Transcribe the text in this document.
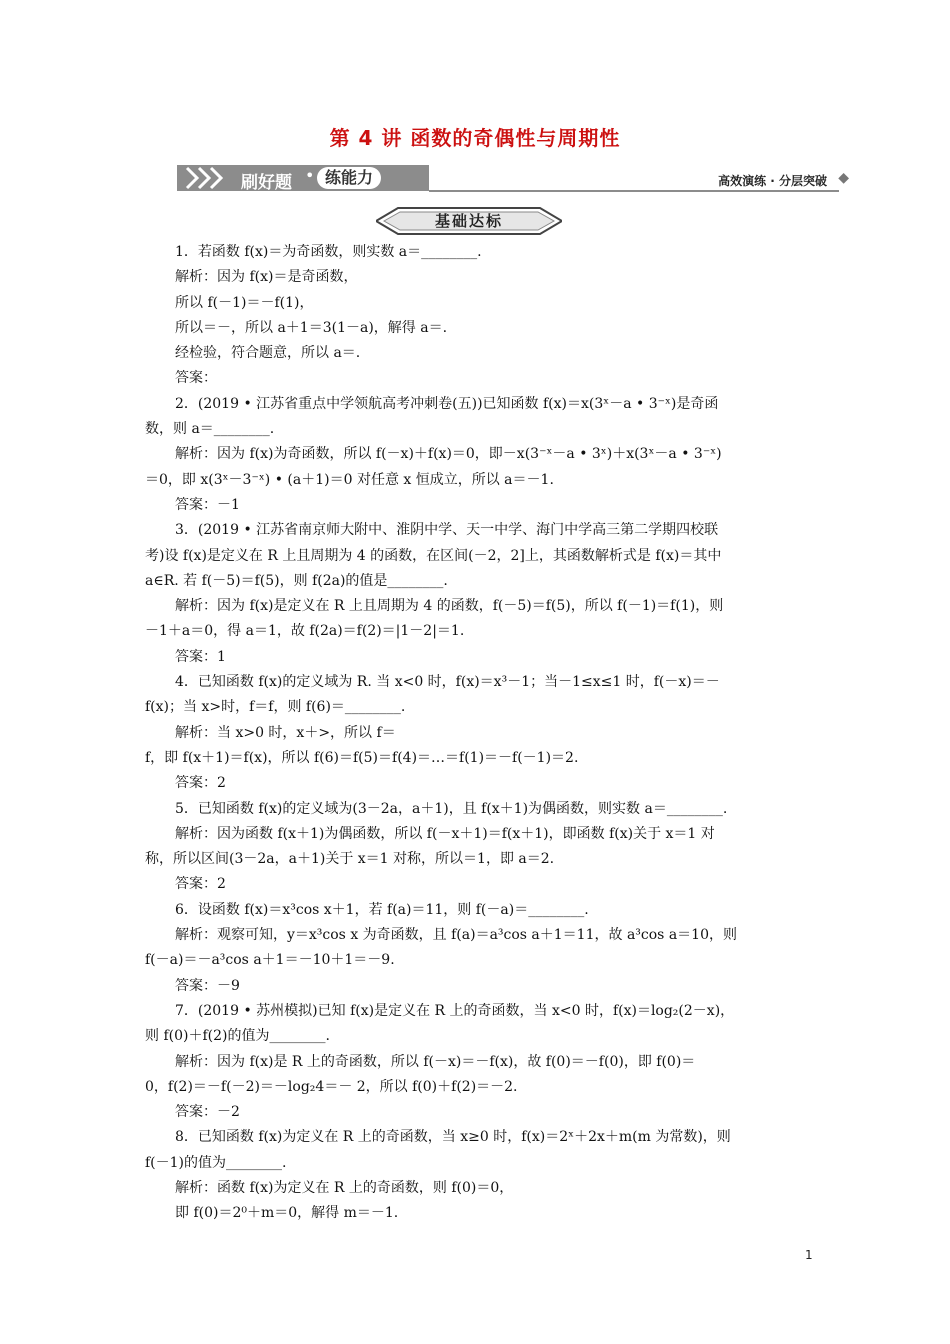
第 4 讲 函数的奇偶性与周期性
刷好题 • 练能力	高效演练 · 分层突破 ◆
基础达标
1．若函数 f(x)＝为奇函数，则实数 a＝________.
解析：因为 f(x)＝是奇函数，
所以 f(－1)＝－f(1)，
所以＝－，所以 a＋1＝3(1－a)，解得 a＝.
经检验，符合题意，所以 a＝.
答案：
2．(2019 • 江苏省重点中学领航高考冲刺卷(五))已知函数 f(x)＝x(3ˣ－a • 3⁻ˣ)是奇函
数，则 a＝________.
解析：因为 f(x)为奇函数，所以 f(－x)＋f(x)＝0，即－x(3⁻ˣ－a • 3ˣ)＋x(3ˣ－a • 3⁻ˣ)
＝0，即 x(3ˣ－3⁻ˣ) • (a＋1)＝0 对任意 x 恒成立，所以 a＝－1.
答案：－1
3．(2019 • 江苏省南京师大附中、淮阴中学、天一中学、海门中学高三第二学期四校联
考)设 f(x)是定义在 R 上且周期为 4 的函数，在区间(－2，2]上，其函数解析式是 f(x)＝其中
a∈R. 若 f(－5)＝f(5)，则 f(2a)的值是________.
解析：因为 f(x)是定义在 R 上且周期为 4 的函数，f(－5)＝f(5)，所以 f(－1)＝f(1)，则
－1＋a＝0，得 a＝1，故 f(2a)＝f(2)＝|1－2|＝1.
答案：1
4．已知函数 f(x)的定义域为 R. 当 x<0 时，f(x)＝x³－1；当－1≤x≤1 时，f(－x)＝－
f(x)；当 x>时，f＝f，则 f(6)＝________.
解析：当 x>0 时，x＋>，所以 f＝
f，即 f(x＋1)＝f(x)，所以 f(6)＝f(5)＝f(4)＝…＝f(1)＝－f(－1)＝2.
答案：2
5．已知函数 f(x)的定义域为(3－2a，a＋1)，且 f(x＋1)为偶函数，则实数 a＝________.
解析：因为函数 f(x＋1)为偶函数，所以 f(－x＋1)＝f(x＋1)，即函数 f(x)关于 x＝1 对
称，所以区间(3－2a，a＋1)关于 x＝1 对称，所以＝1，即 a＝2.
答案：2
6．设函数 f(x)＝x³cos x＋1，若 f(a)＝11，则 f(－a)＝________.
解析：观察可知，y＝x³cos x 为奇函数，且 f(a)＝a³cos a＋1＝11，故 a³cos a＝10，则
f(－a)＝－a³cos a＋1＝－10＋1＝－9.
答案：－9
7．(2019 • 苏州模拟)已知 f(x)是定义在 R 上的奇函数，当 x<0 时，f(x)＝log₂(2－x)，
则 f(0)＋f(2)的值为________.
解析：因为 f(x)是 R 上的奇函数，所以 f(－x)＝－f(x)，故 f(0)＝－f(0)，即 f(0)＝
0，f(2)＝－f(－2)＝－log₂4＝－ 2，所以 f(0)＋f(2)＝－2.
答案：－2
8．已知函数 f(x)为定义在 R 上的奇函数，当 x≥0 时，f(x)＝2ˣ＋2x＋m(m 为常数)，则
f(－1)的值为________.
解析：函数 f(x)为定义在 R 上的奇函数，则 f(0)＝0，
即 f(0)＝2⁰＋m＝0，解得 m＝－1.
1
